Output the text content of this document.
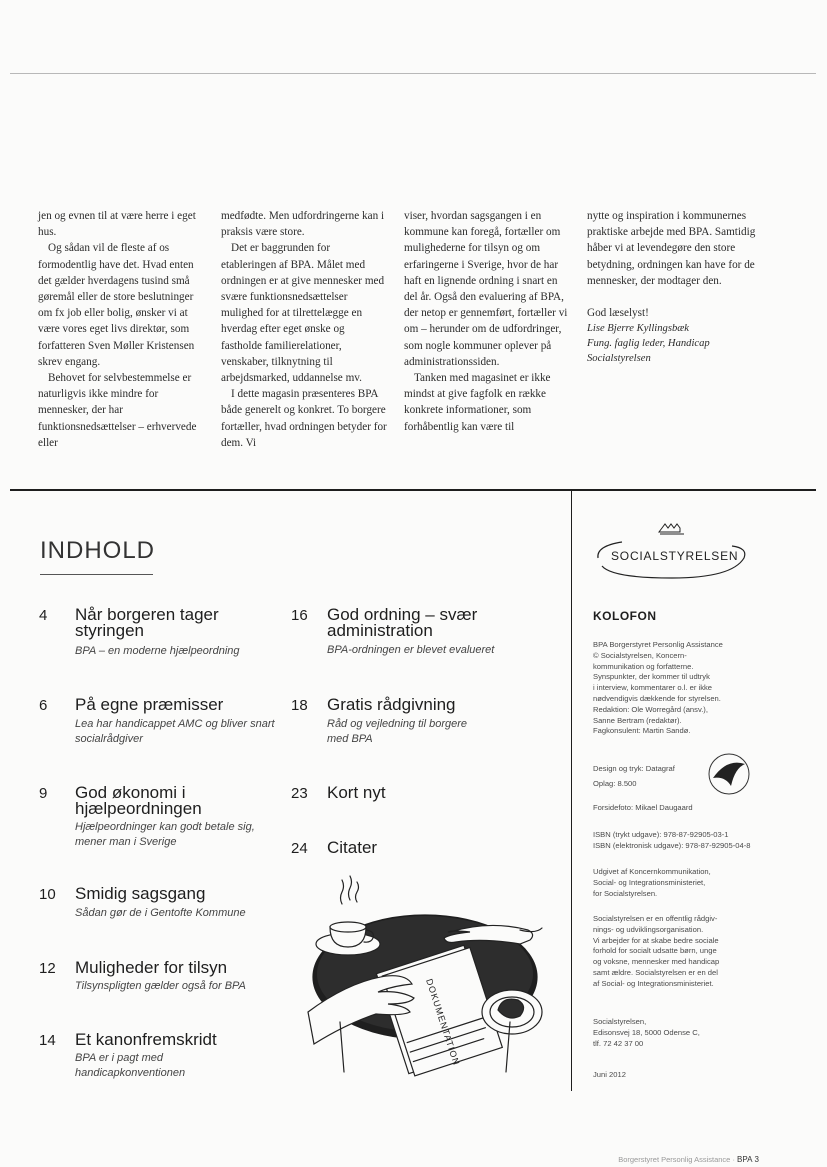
jen og evnen til at være herre i eget hus.

Og sådan vil de fleste af os formodentlig have det. Hvad enten det gælder hverdagens tusind små gøremål eller de store beslutninger om fx job eller bolig, ønsker vi at være vores eget livs direktør, som forfatteren Sven Møller Kristensen skrev engang.

Behovet for selvbestemmelse er naturligvis ikke mindre for mennesker, der har funktionsnedsættelser – erhvervede eller

medfødte. Men udfordringerne kan i praksis være store.

Det er baggrunden for etableringen af BPA. Målet med ordningen er at give mennesker med svære funktionsnedsættelser mulighed for at tilrettelægge en hverdag efter eget ønske og fastholde familierelationer, venskaber, tilknytning til arbejdsmarked, uddannelse mv.

I dette magasin præsenteres BPA både generelt og konkret. To borgere fortæller, hvad ordningen betyder for dem. Vi

viser, hvordan sagsgangen i en kommune kan foregå, fortæller om mulighederne for tilsyn og om erfaringerne i Sverige, hvor de har haft en lignende ordning i snart en del år. Også den evaluering af BPA, der netop er gennemført, fortæller vi om – herunder om de udfordringer, som nogle kommuner oplever på administrationssiden.

Tanken med magasinet er ikke mindst at give fagfolk en række konkrete informationer, som forhåbentlig kan være til

nytte og inspiration i kommunernes praktiske arbejde med BPA. Samtidig håber vi at levendegøre den store betydning, ordningen kan have for de mennesker, der modtager den.

God læselyst!

Lise Bjerre Kyllingsbæk

Fung. faglig leder, Handicap

Socialstyrelsen

INDHOLD
4 Når borgeren tager styringen
BPA – en moderne hjælpeordning
6 På egne præmisser
Lea har handicappet AMC og bliver snart socialrådgiver
9 God økonomi i hjælpeordningen
Hjælpeordninger kan godt betale sig, mener man i Sverige
10 Smidig sagsgang
Sådan gør de i Gentofte Kommune
12 Muligheder for tilsyn
Tilsynspligten gælder også for BPA
14 Et kanonfremskridt
BPA er i pagt med handicapkonventionen
16 God ordning – svær administration
BPA-ordningen er blevet evalueret
18 Gratis rådgivning
Råd og vejledning til borgere med BPA
23 Kort nyt
24 Citater
DOKUMENTATION
SOCIALSTYRELSEN
KOLOFON
BPA Borgerstyret Personlig Assistance
© Socialstyrelsen, Koncern-
kommunikation og forfatterne.
Synspunkter, der kommer til udtryk
i interview, kommentarer o.l. er ikke
nødvendigvis dækkende for styrelsen.
Redaktion: Ole Worregård (ansv.),
Sanne Bertram (redaktør).
Fagkonsulent: Martin Sandø.
Design og tryk: Datagraf
Oplag: 8.500
Forsidefoto: Mikael Daugaard
ISBN (trykt udgave): 978-87-92905-03-1
ISBN (elektronisk udgave): 978-87-92905-04-8
Udgivet af Koncernkommunikation,
Social- og Integrationsministeriet,
for Socialstyrelsen.
Socialstyrelsen er en offentlig rådgiv-
nings- og udviklingsorganisation.
Vi arbejder for at skabe bedre sociale
forhold for socialt udsatte børn, unge
og voksne, mennesker med handicap
samt ældre. Socialstyrelsen er en del
af Social- og Integrationsministeriet.
Socialstyrelsen,
Edisonsvej 18, 5000 Odense C,
tlf. 72 42 37 00
Juni 2012
Borgerstyret Personlig Assistance · BPA 3
